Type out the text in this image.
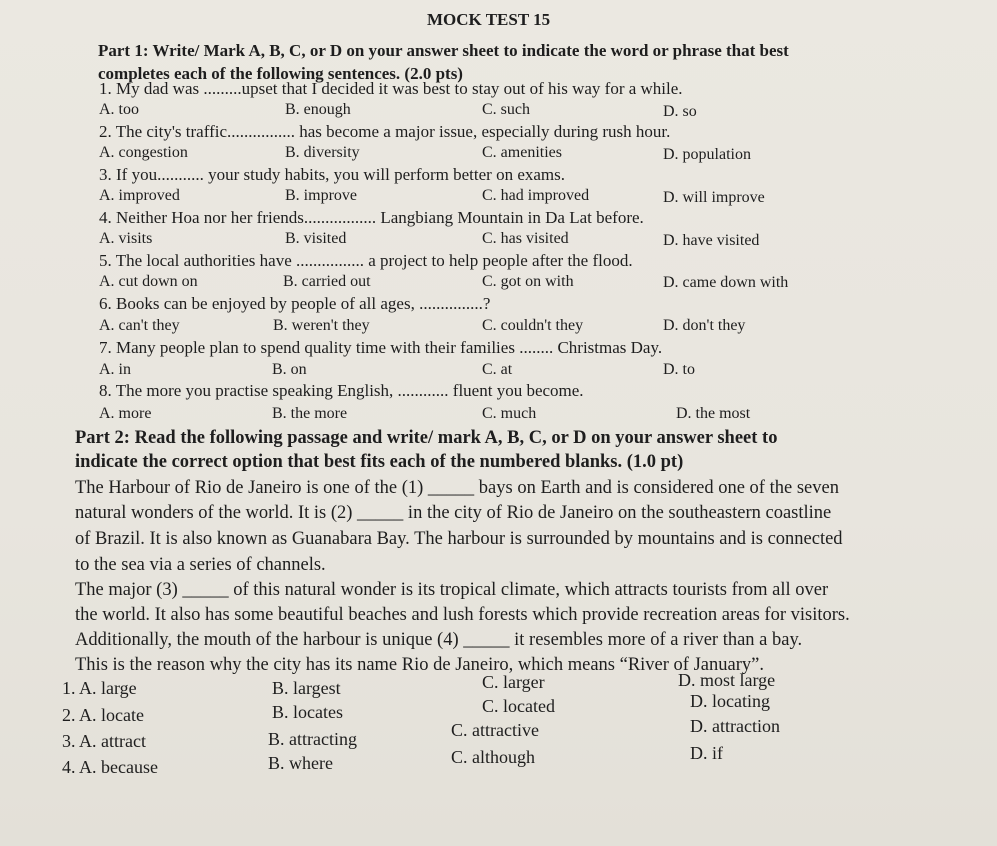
MOCK TEST 15
Part 1: Write/ Mark A, B, C, or D on your answer sheet to indicate the word or phrase that best
completes each of the following sentences. (2.0 pts)
1. My dad was .........upset that I decided it was best to stay out of his way for a while.
A. too	B. enough	C. such	D. so
2. The city's traffic................ has become a major issue, especially during rush hour.
A. congestion	B. diversity	C. amenities	D. population
3. If you........... your study habits, you will perform better on exams.
A. improved	B. improve	C. had improved	D. will improve
4. Neither Hoa nor her friends................. Langbiang Mountain in Da Lat before.
A. visits	B. visited	C. has visited	D. have visited
5. The local authorities have ................ a project to help people after the flood.
A. cut down on	B. carried out	C. got on with	D. came down with
6. Books can be enjoyed by people of all ages, ...............?
A. can't they	B. weren't they	C. couldn't they	D. don't they
7. Many people plan to spend quality time with their families ........ Christmas Day.
A. in	B. on	C. at	D. to
8. The more you practise speaking English, ............ fluent you become.
A. more	B. the more	C. much	D. the most
Part 2: Read the following passage and write/ mark A, B, C, or D on your answer sheet to
indicate the correct option that best fits each of the numbered blanks. (1.0 pt)
The Harbour of Rio de Janeiro is one of the (1) _____ bays on Earth and is considered one of the seven
natural wonders of the world. It is (2) _____ in the city of Rio de Janeiro on the southeastern coastline
of Brazil. It is also known as Guanabara Bay. The harbour is surrounded by mountains and is connected
to the sea via a series of channels.
The major (3) _____ of this natural wonder is its tropical climate, which attracts tourists from all over
the world. It also has some beautiful beaches and lush forests which provide recreation areas for visitors.
Additionally, the mouth of the harbour is unique (4) _____ it resembles more of a river than a bay.
This is the reason why the city has its name Rio de Janeiro, which means “River of January”.
1. A. large	B. largest	C. larger	D. most large
2. A. locate	B. locates	C. located	D. locating
3. A. attract	B. attracting	C. attractive	D. attraction
4. A. because	B. where	C. although	D. if
